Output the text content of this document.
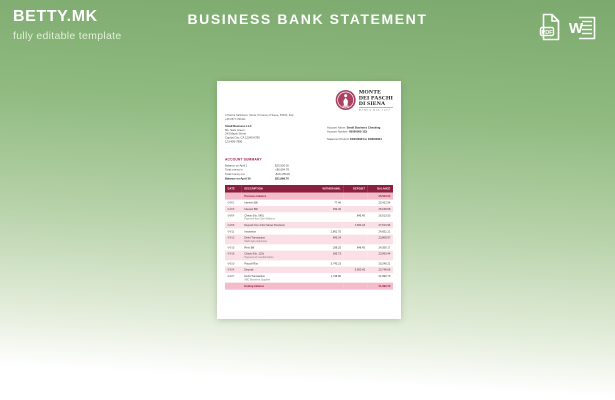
BETTY.MK
fully editable template
BUSINESS BANK STATEMENT
PDF W
MONTE
DEI PASCHI
DI SIENA
BANCA DAL 1472
4 Piazza Salimbeni, Siena, Province of Siena, 53100, Italy
+39 0577-294111
Small Business LLC
Ms. Sara Green
243 Maple Street
Capital City, CA 12345-6789
123-456-7890
Account Name: Small Business Checking
Account Number: 00000000-123
Statement Period: 04/01/2024 to 04/30/2024
ACCOUNT SUMMARY
Balance on April 1	$25,500.00
Total money in	+$6,694.78
Total money out	-$10,195.08
Balance on April 30	$21,999.70
DATE	DESCRIPTION	WITHDRAWAL	DEPOSIT	BALANCE
	Previous balance			25,500.00
04/01	Internet Bill	77.46		25,422.54
04/03	Interest Bill	254.46		25,168.08
04/04	Check (No. 045)
Payment from Dee Williams		845.45	26,013.53
04/08	Deposit from First Street Provision		1,500.43	27,513.96
04/11	Insurance	2,861.75		24,652.21
04/13	Debit Transaction
Mark Agro Industries	843.24		23,808.97
04/15	Rent Bill	298.25	848.45	24,359.17
04/18	Check (No. 123)
Payment of unsettled dues	365.73		23,993.44
04/20	Payroll Run	3,745.23		20,248.21
04/24	Deposit		3,500.45	23,748.66
04/27	Debit Transaction
ABC Business Supplies	1,748.96		21,999.70
	Ending balance			21,999.70
